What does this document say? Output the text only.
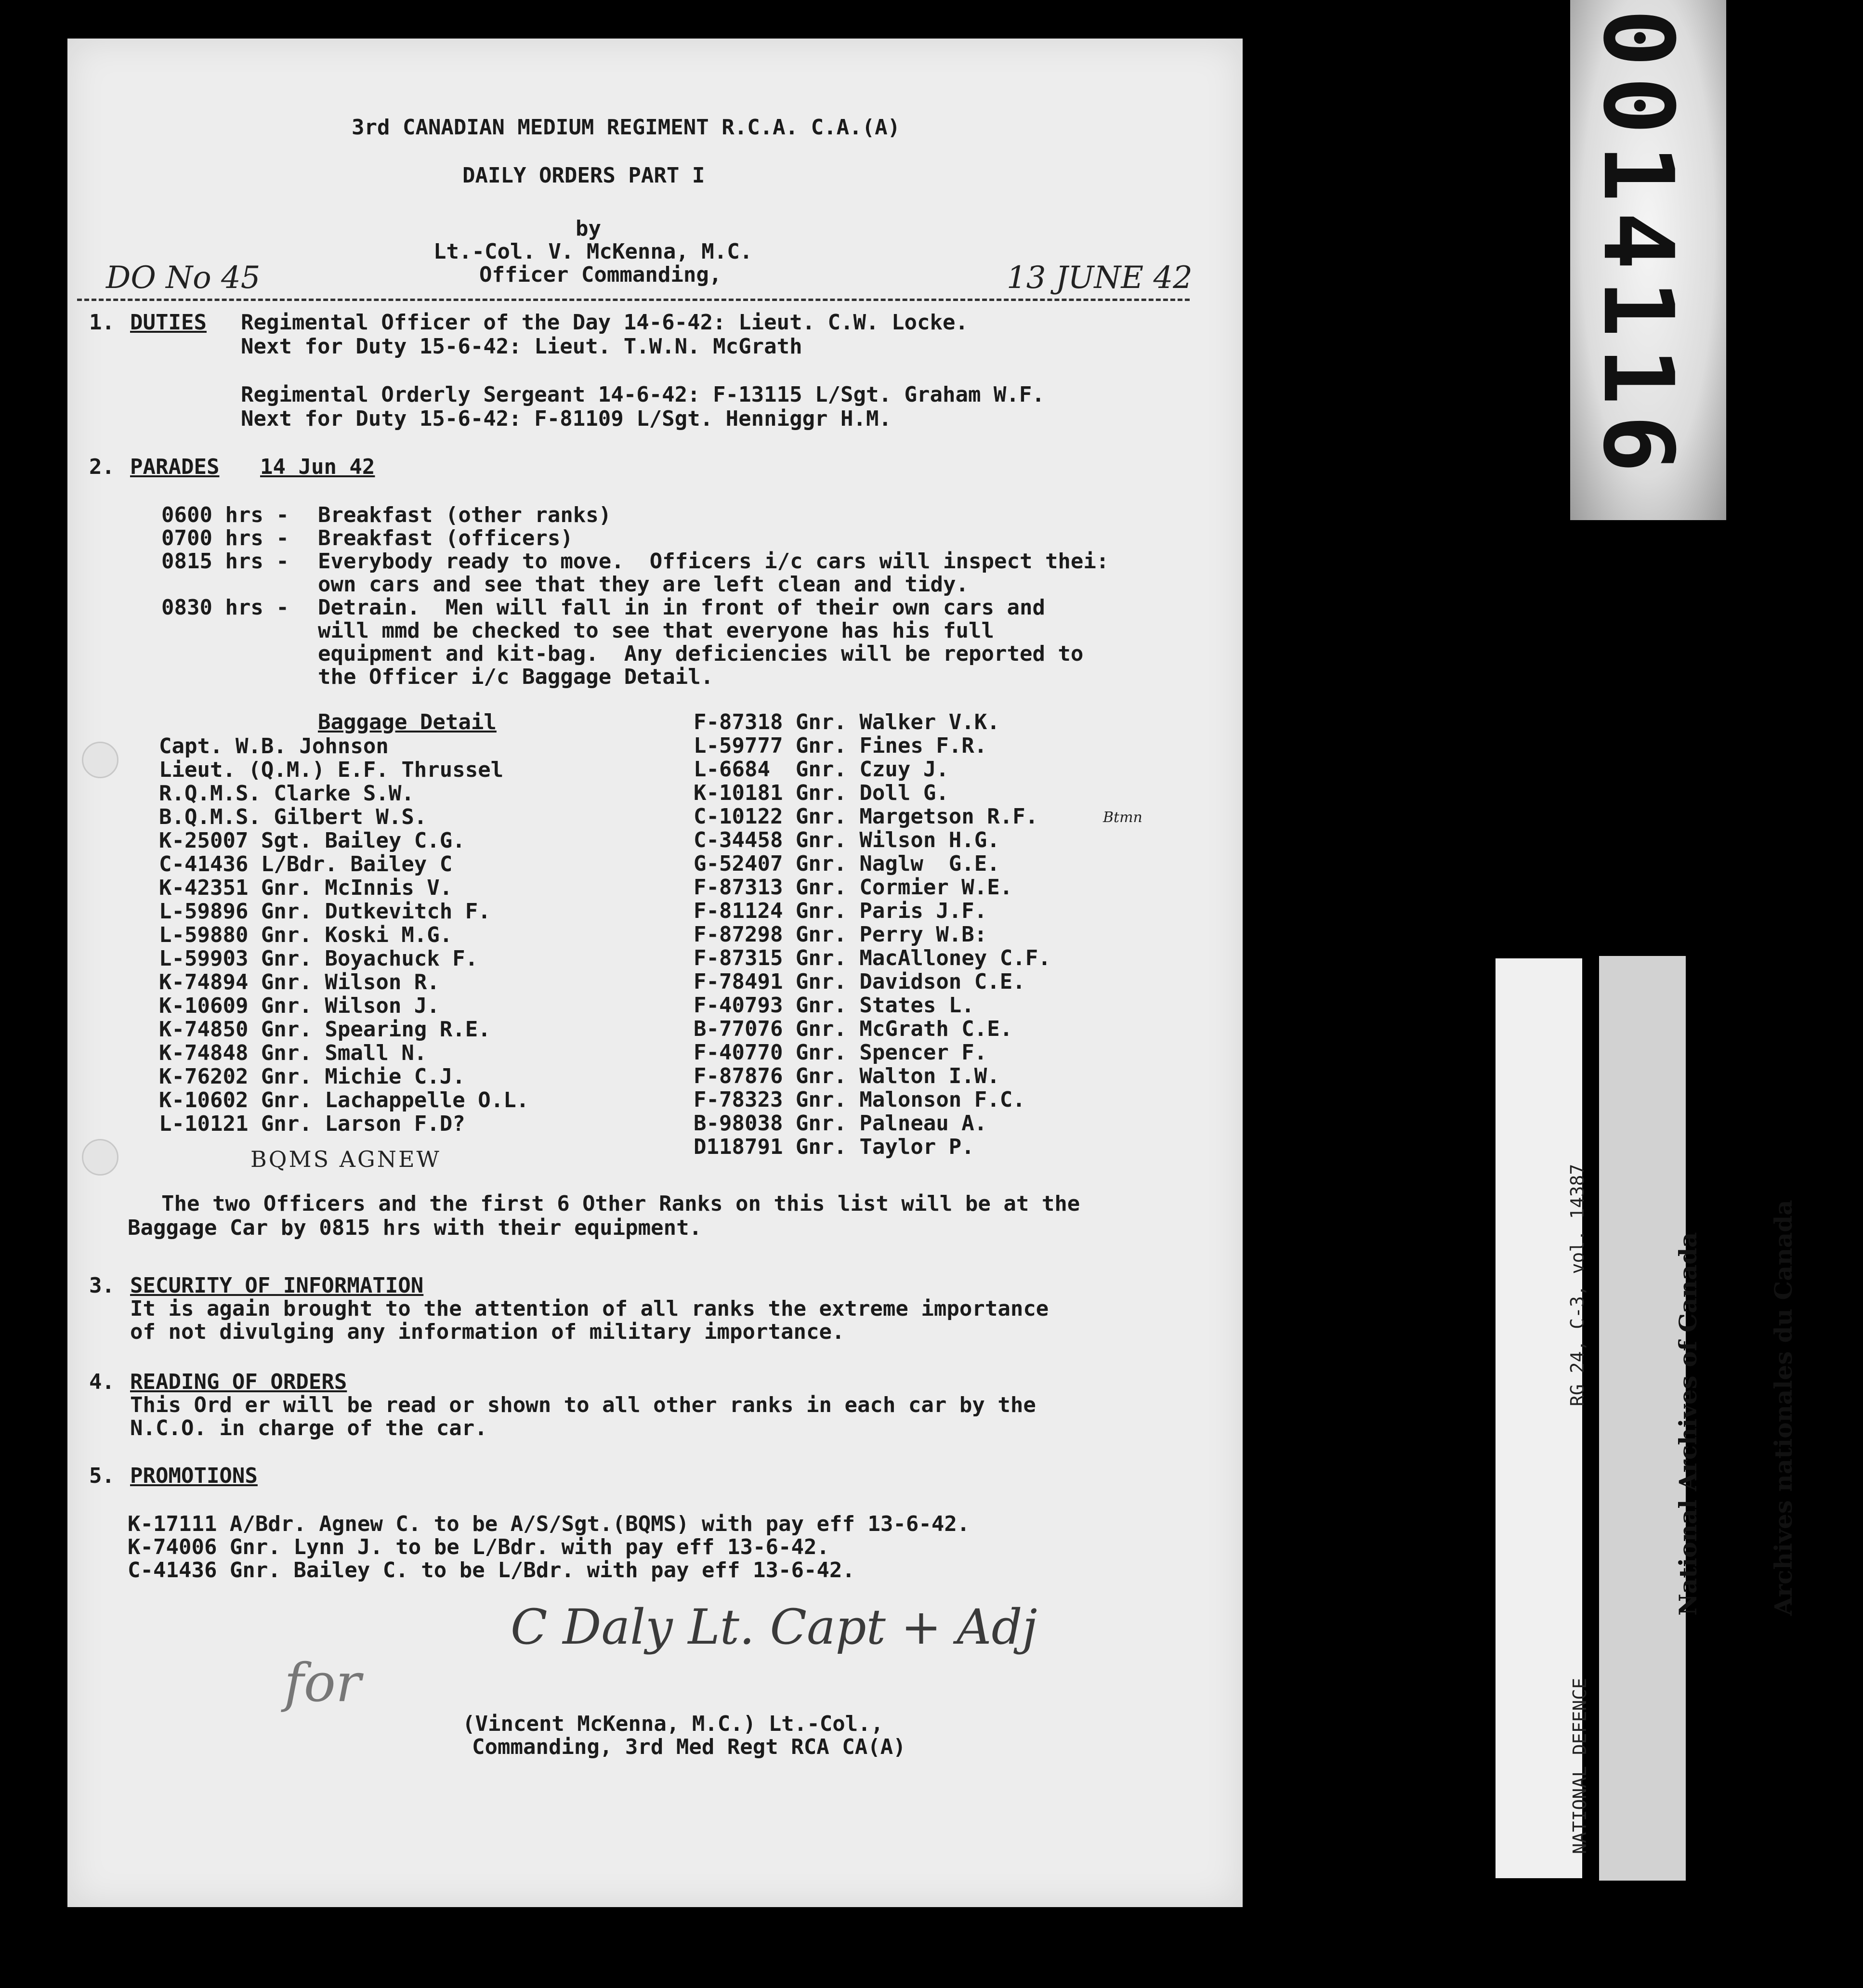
3rd CANADIAN MEDIUM REGIMENT R.C.A. C.A.(A)
DAILY ORDERS PART I
by
Lt.-Col. V. McKenna, M.C.
Officer Commanding,
DO No 45	13 JUNE 42
1. DUTIES Regimental Officer of the Day 14-6-42: Lieut. C.W. Locke.
Next for Duty 15-6-42: Lieut. T.W.N. McGrath
Regimental Orderly Sergeant 14-6-42: F-13115 L/Sgt. Graham W.F.
Next for Duty 15-6-42: F-81109 L/Sgt. Henniggr H.M.
2. PARADES 14 Jun 42
0600 hrs - Breakfast (other ranks)
0700 hrs - Breakfast (officers)
0815 hrs - Everybody ready to move.  Officers i/c cars will inspect thei:
own cars and see that they are left clean and tidy.
0830 hrs - Detrain.  Men will fall in in front of their own cars and
will mmd be checked to see that everyone has his full
equipment and kit-bag.  Any deficiencies will be reported to
the Officer i/c Baggage Detail.
Baggage Detail
Capt. W.B. Johnson
Lieut. (Q.M.) E.F. Thrussel
R.Q.M.S. Clarke S.W.
B.Q.M.S. Gilbert W.S.
K-25007 Sgt. Bailey C.G.
C-41436 L/Bdr. Bailey C
K-42351 Gnr. McInnis V.
L-59896 Gnr. Dutkevitch F.
L-59880 Gnr. Koski M.G.
L-59903 Gnr. Boyachuck F.
K-74894 Gnr. Wilson R.
K-10609 Gnr. Wilson J.
K-74850 Gnr. Spearing R.E.
K-74848 Gnr. Small N.
K-76202 Gnr. Michie C.J.
K-10602 Gnr. Lachappelle O.L.
L-10121 Gnr. Larson F.D?
F-87318 Gnr. Walker V.K.
L-59777 Gnr. Fines F.R.
L-6684  Gnr. Czuy J.
K-10181 Gnr. Doll G.
C-10122 Gnr. Margetson R.F.
C-34458 Gnr. Wilson H.G.
G-52407 Gnr. Naglw  G.E.
F-87313 Gnr. Cormier W.E.
F-81124 Gnr. Paris J.F.
F-87298 Gnr. Perry W.B:
F-87315 Gnr. MacAlloney C.F.
F-78491 Gnr. Davidson C.E.
F-40793 Gnr. States L.
B-77076 Gnr. McGrath C.E.
F-40770 Gnr. Spencer F.
F-87876 Gnr. Walton I.W.
F-78323 Gnr. Malonson F.C.
B-98038 Gnr. Palneau A.
D118791 Gnr. Taylor P.
Btmn
BQMS AGNEW
The two Officers and the first 6 Other Ranks on this list will be at the
Baggage Car by 0815 hrs with their equipment.
3. SECURITY OF INFORMATION
It is again brought to the attention of all ranks the extreme importance
of not divulging any information of military importance.
4. READING OF ORDERS
This Ord er will be read or shown to all other ranks in each car by the
N.C.O. in charge of the car.
5. PROMOTIONS
K-17111 A/Bdr. Agnew C. to be A/S/Sgt.(BQMS) with pay eff 13-6-42.
K-74006 Gnr. Lynn J. to be L/Bdr. with pay eff 13-6-42.
C-41436 Gnr. Bailey C. to be L/Bdr. with pay eff 13-6-42.
for
C Daly Lt. Capt + Adj
(Vincent McKenna, M.C.) Lt.-Col.,
Commanding, 3rd Med Regt RCA CA(A)
0014116

RG 24, C-3, vol. 14387

NATIONAL DEFENCE

National Archives of Canada

	Archives nationales du Canada
